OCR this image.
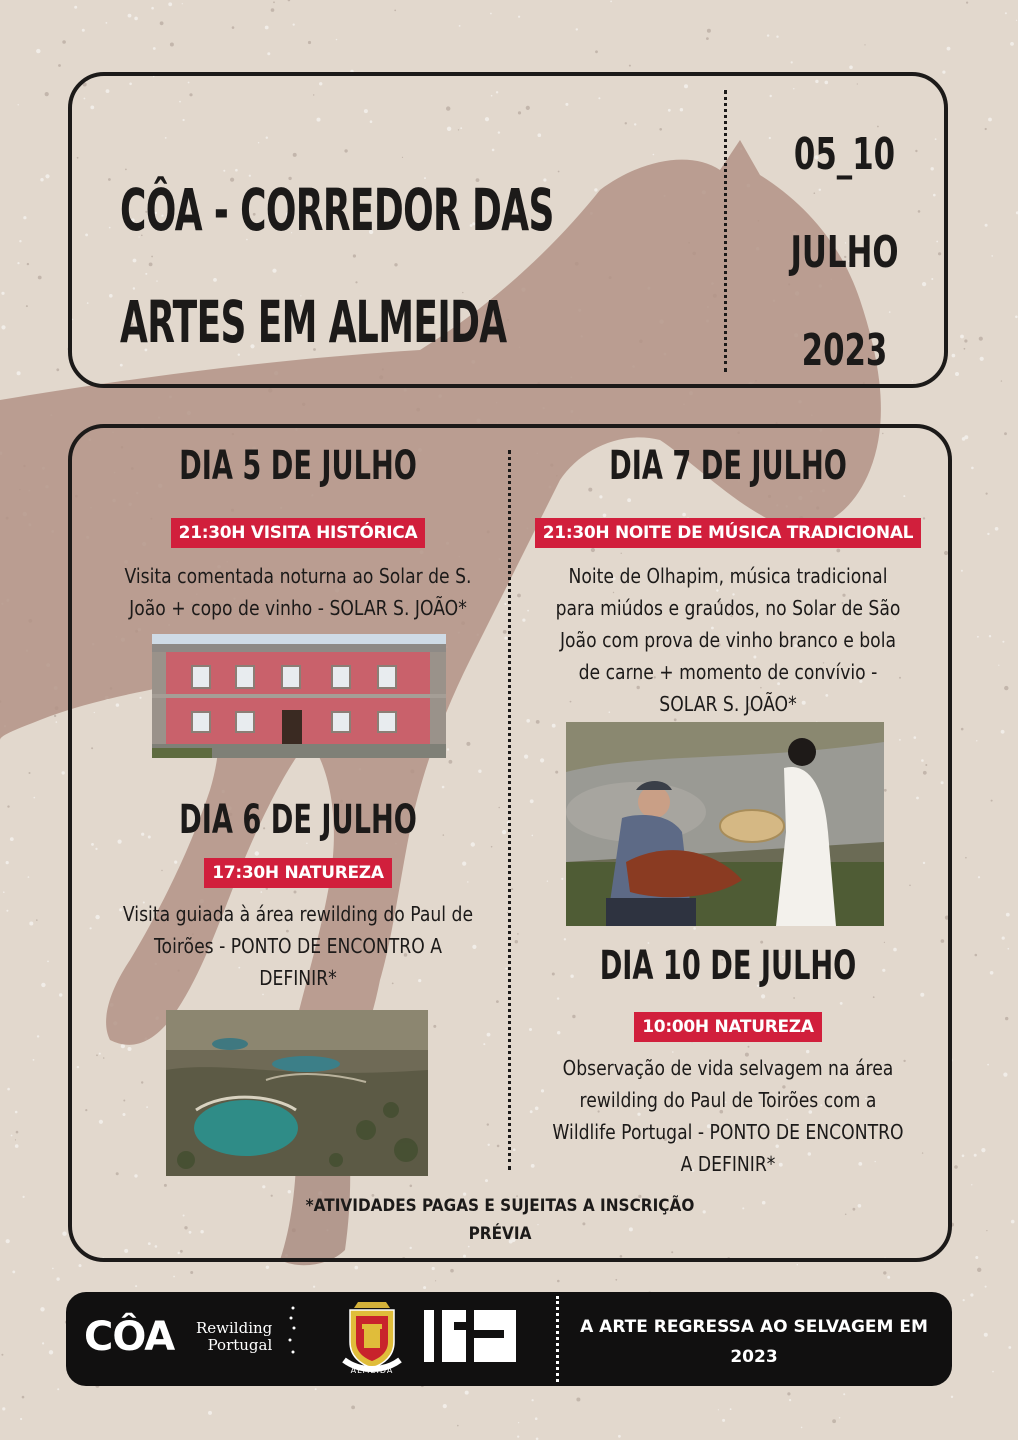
CÔA - CORREDOR DAS
ARTES EM ALMEIDA
05_10
JULHO
2023
DIA 5 DE JULHO
21:30H VISITA HISTÓRICA

Visita comentada noturna ao Solar de S. João + copo de vinho - SOLAR S. JOÃO*

DIA 6 DE JULHO
17:30H NATUREZA

Visita guiada à área rewilding do Paul de Toirões - PONTO DE ENCONTRO A DEFINIR*

DIA 7 DE JULHO
21:30H NOITE DE MÚSICA TRADICIONAL

Noite de Olhapim, música tradicional para miúdos e graúdos, no Solar de São João com prova de vinho branco e bola de carne + momento de convívio - SOLAR S. JOÃO*

DIA 10 DE JULHO
10:00H NATUREZA

Observação de vida selvagem na área rewilding do Paul de Toirões com a Wildlife Portugal - PONTO DE ENCONTRO A DEFINIR*

*ATIVIDADES PAGAS E SUJEITAS A INSCRIÇÃO PRÉVIA
CÔA Rewilding
Portugal
ALMEIDA
A ARTE REGRESSA AO SELVAGEM EM 2023
